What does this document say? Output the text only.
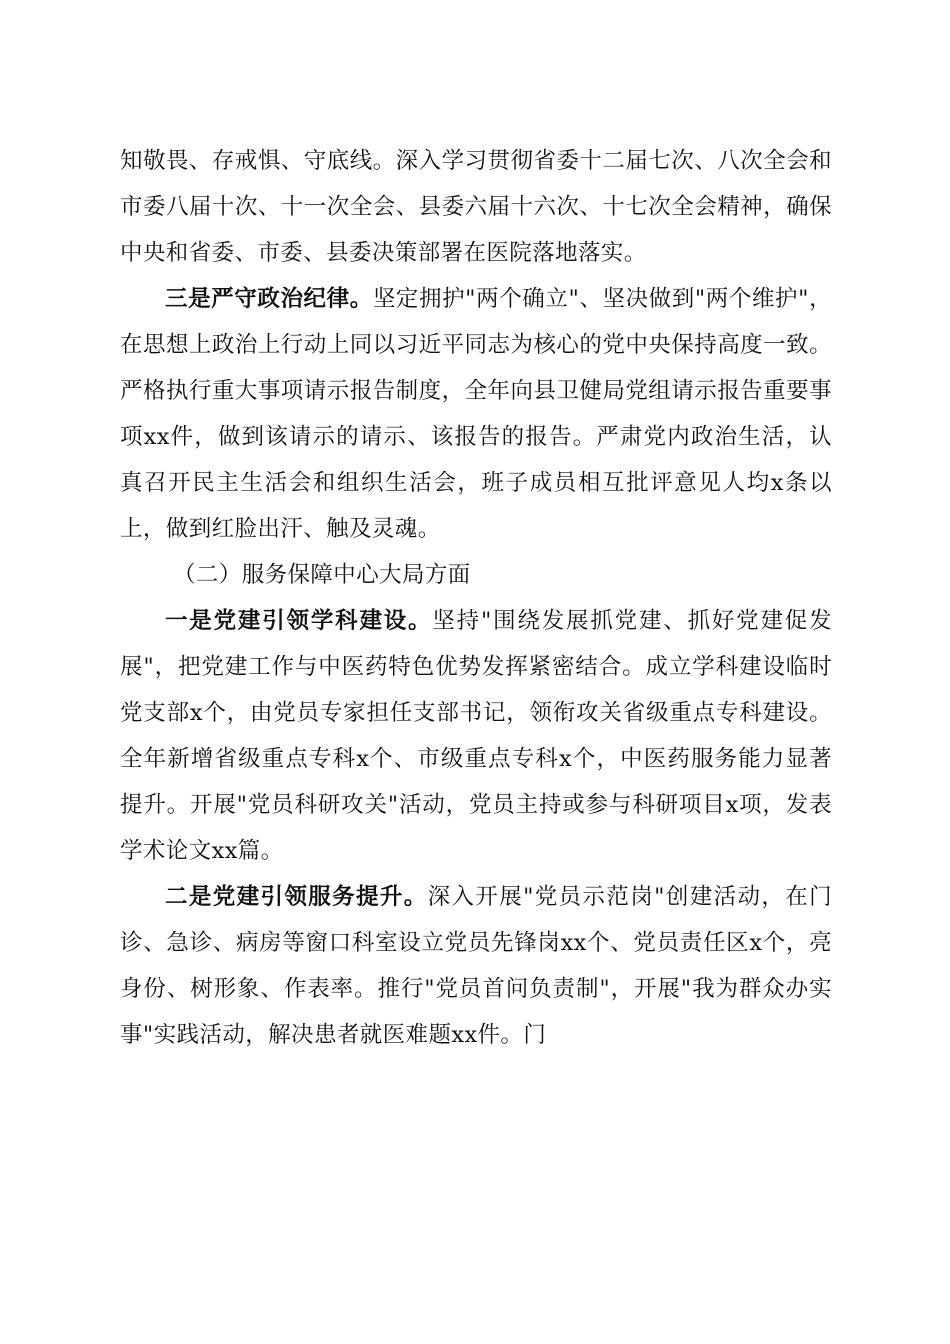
知敬畏、存戒惧、守底线。深入学习贯彻省委十二届七次、八次全会和市委八届十次、十一次全会、县委六届十六次、十七次全会精神，确保中央和省委、市委、县委决策部署在医院落地落实。

三是严守政治纪律。坚定拥护"两个确立"、坚决做到"两个维护"，在思想上政治上行动上同以习近平同志为核心的党中央保持高度一致。严格执行重大事项请示报告制度，全年向县卫健局党组请示报告重要事项xx件，做到该请示的请示、该报告的报告。严肃党内政治生活，认真召开民主生活会和组织生活会，班子成员相互批评意见人均x条以上，做到红脸出汗、触及灵魂。

（二）服务保障中心大局方面

一是党建引领学科建设。坚持"围绕发展抓党建、抓好党建促发展"，把党建工作与中医药特色优势发挥紧密结合。成立学科建设临时党支部x个，由党员专家担任支部书记，领衔攻关省级重点专科建设。全年新增省级重点专科x个、市级重点专科x个，中医药服务能力显著提升。开展"党员科研攻关"活动，党员主持或参与科研项目x项，发表学术论文xx篇。

二是党建引领服务提升。深入开展"党员示范岗"创建活动，在门诊、急诊、病房等窗口科室设立党员先锋岗xx个、党员责任区x个，亮身份、树形象、作表率。推行"党员首问负责制"，开展"我为群众办实事"实践活动，解决患者就医难题xx件。门
